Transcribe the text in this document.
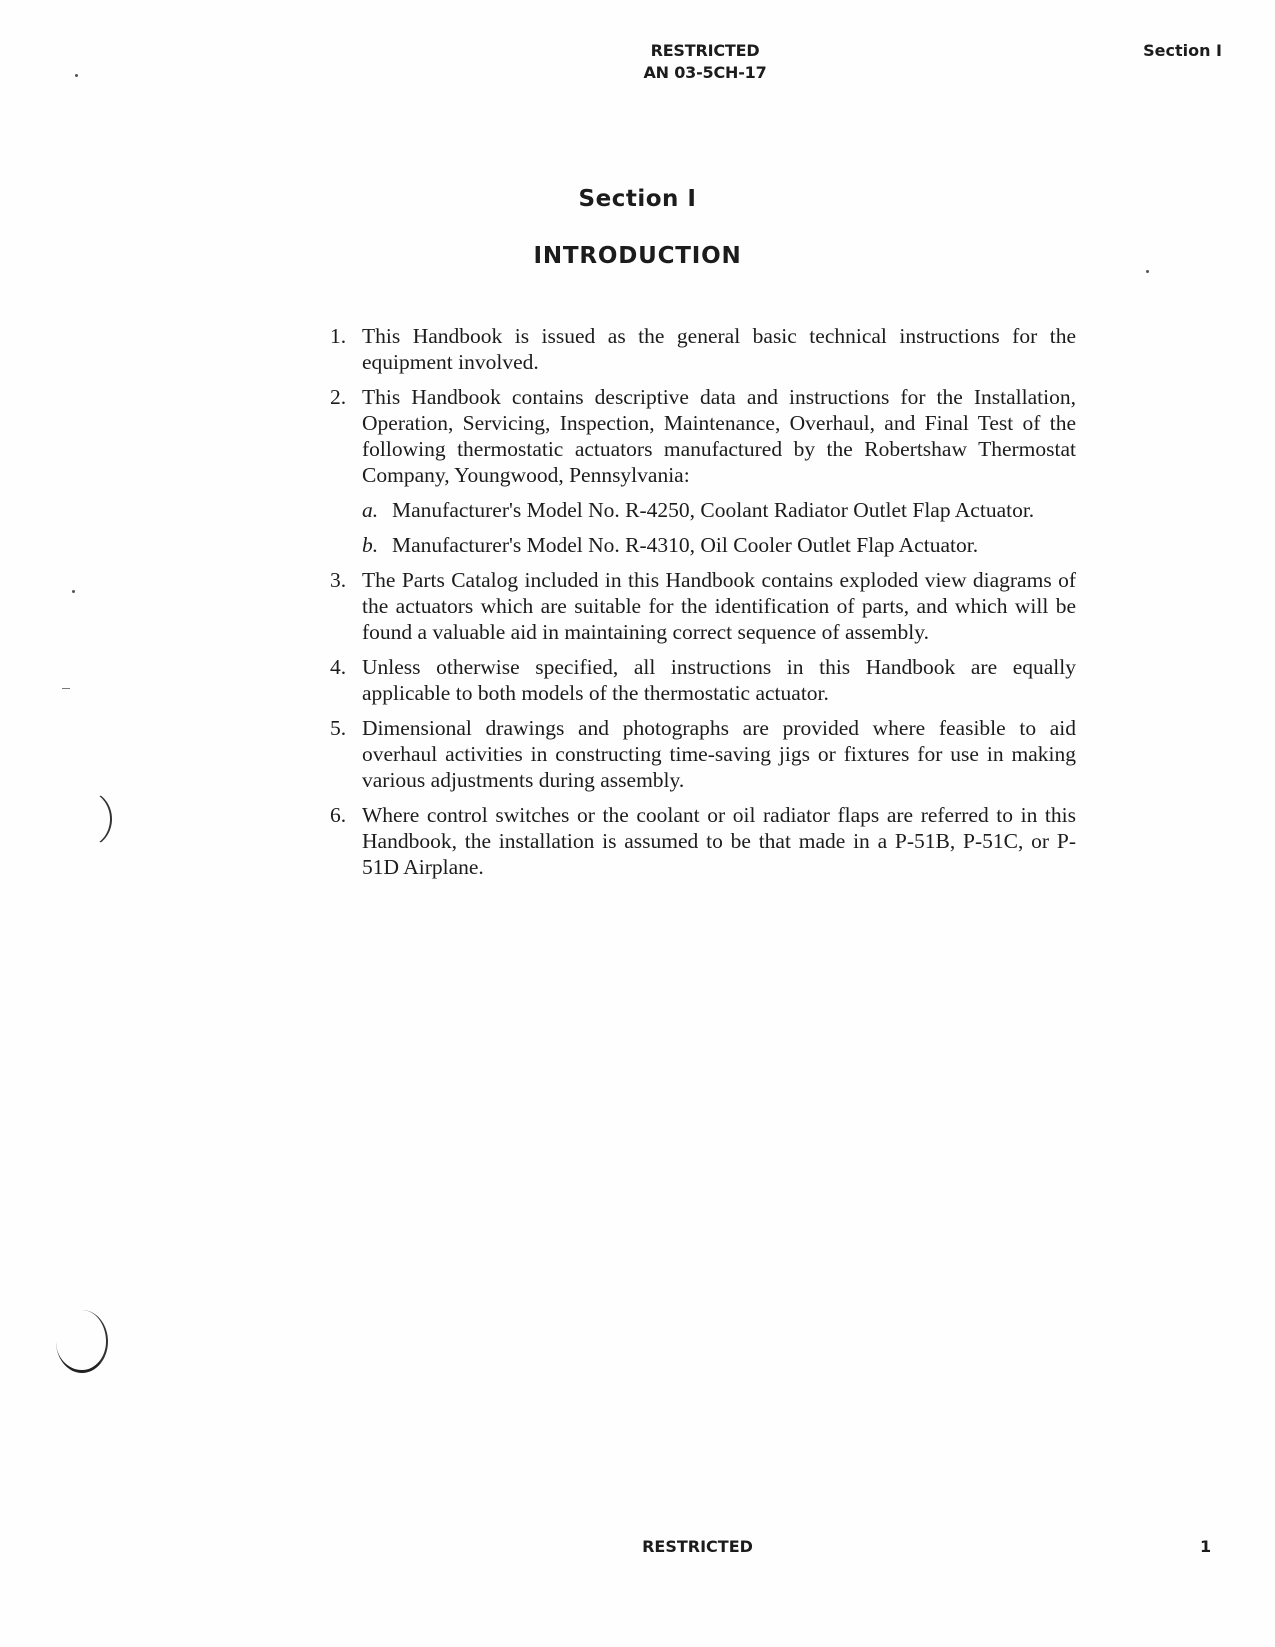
RESTRICTED
AN 03-5CH-17
Section I
Section I
INTRODUCTION
1. This Handbook is issued as the general basic technical instructions for the equipment involved.
2. This Handbook contains descriptive data and instructions for the Installation, Operation, Servicing, Inspection, Maintenance, Overhaul, and Final Test of the following thermostatic actuators manufactured by the Robertshaw Thermostat Company, Youngwood, Pennsylvania:
a. Manufacturer's Model No. R-4250, Coolant Radiator Outlet Flap Actuator.
b. Manufacturer's Model No. R-4310, Oil Cooler Outlet Flap Actuator.
3. The Parts Catalog included in this Handbook contains exploded view diagrams of the actuators which are suitable for the identification of parts, and which will be found a valuable aid in maintaining correct sequence of assembly.
4. Unless otherwise specified, all instructions in this Handbook are equally applicable to both models of the thermostatic actuator.
5. Dimensional drawings and photographs are provided where feasible to aid overhaul activities in constructing time-saving jigs or fixtures for use in making various adjustments during assembly.
6. Where control switches or the coolant or oil radiator flaps are referred to in this Handbook, the installation is assumed to be that made in a P-51B, P-51C, or P-51D Airplane.
RESTRICTED	1
